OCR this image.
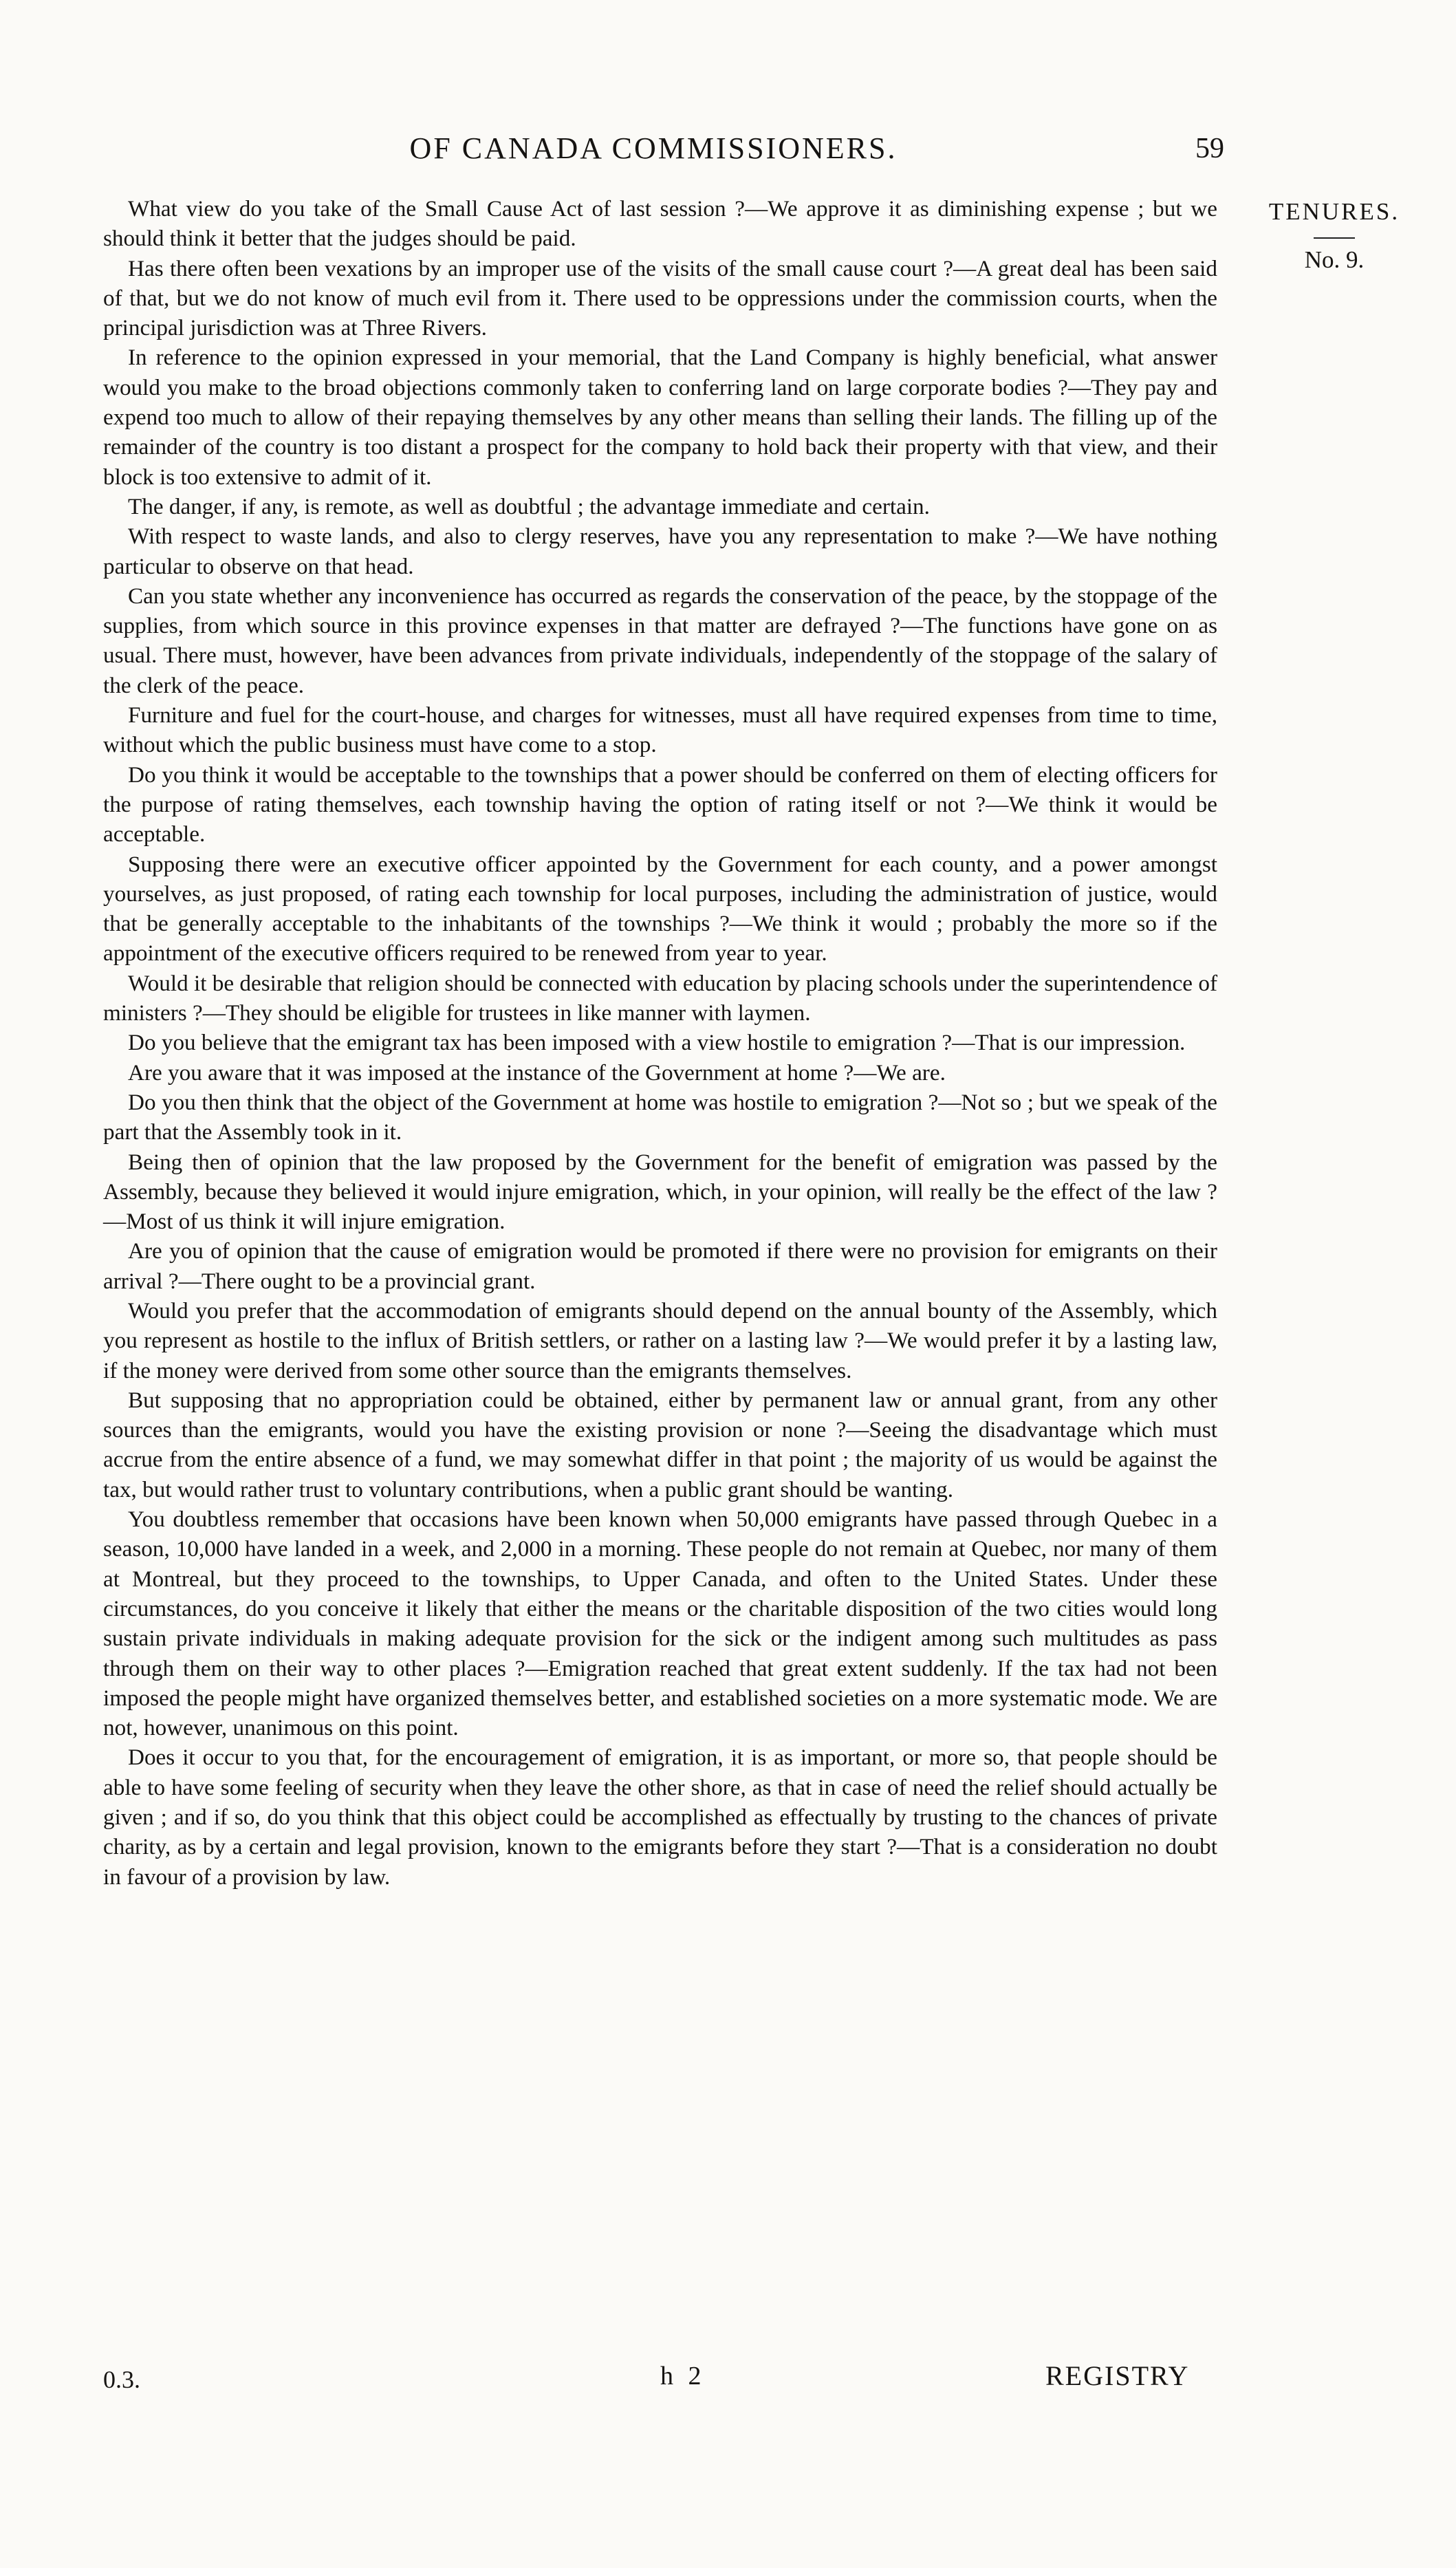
OF CANADA COMMISSIONERS.	59
TENURES.
No. 9.

What view do you take of the Small Cause Act of last session ?—We approve it as diminishing expense ; but we should think it better that the judges should be paid.

Has there often been vexations by an improper use of the visits of the small cause court ?—A great deal has been said of that, but we do not know of much evil from it. There used to be oppressions under the commission courts, when the principal jurisdiction was at Three Rivers.

In reference to the opinion expressed in your memorial, that the Land Company is highly beneficial, what answer would you make to the broad objections commonly taken to conferring land on large corporate bodies ?—They pay and expend too much to allow of their repaying themselves by any other means than selling their lands. The filling up of the remainder of the country is too distant a prospect for the company to hold back their property with that view, and their block is too extensive to admit of it.

The danger, if any, is remote, as well as doubtful ; the advantage immediate and certain.

With respect to waste lands, and also to clergy reserves, have you any representation to make ?—We have nothing particular to observe on that head.

Can you state whether any inconvenience has occurred as regards the conservation of the peace, by the stoppage of the supplies, from which source in this province expenses in that matter are defrayed ?—The functions have gone on as usual. There must, however, have been advances from private individuals, independently of the stoppage of the salary of the clerk of the peace.

Furniture and fuel for the court-house, and charges for witnesses, must all have required expenses from time to time, without which the public business must have come to a stop.

Do you think it would be acceptable to the townships that a power should be conferred on them of electing officers for the purpose of rating themselves, each township having the option of rating itself or not ?—We think it would be acceptable.

Supposing there were an executive officer appointed by the Government for each county, and a power amongst yourselves, as just proposed, of rating each township for local purposes, including the administration of justice, would that be generally acceptable to the inhabitants of the townships ?—We think it would ; probably the more so if the appointment of the executive officers required to be renewed from year to year.

Would it be desirable that religion should be connected with education by placing schools under the superintendence of ministers ?—They should be eligible for trustees in like manner with laymen.

Do you believe that the emigrant tax has been imposed with a view hostile to emigration ?—That is our impression.

Are you aware that it was imposed at the instance of the Government at home ?—We are.

Do you then think that the object of the Government at home was hostile to emigration ?—Not so ; but we speak of the part that the Assembly took in it.

Being then of opinion that the law proposed by the Government for the benefit of emigration was passed by the Assembly, because they believed it would injure emigration, which, in your opinion, will really be the effect of the law ?—Most of us think it will injure emigration.

Are you of opinion that the cause of emigration would be promoted if there were no provision for emigrants on their arrival ?—There ought to be a provincial grant.

Would you prefer that the accommodation of emigrants should depend on the annual bounty of the Assembly, which you represent as hostile to the influx of British settlers, or rather on a lasting law ?—We would prefer it by a lasting law, if the money were derived from some other source than the emigrants themselves.

But supposing that no appropriation could be obtained, either by permanent law or annual grant, from any other sources than the emigrants, would you have the existing provision or none ?—Seeing the disadvantage which must accrue from the entire absence of a fund, we may somewhat differ in that point ; the majority of us would be against the tax, but would rather trust to voluntary contributions, when a public grant should be wanting.

You doubtless remember that occasions have been known when 50,000 emigrants have passed through Quebec in a season, 10,000 have landed in a week, and 2,000 in a morning. These people do not remain at Quebec, nor many of them at Montreal, but they proceed to the townships, to Upper Canada, and often to the United States. Under these circumstances, do you conceive it likely that either the means or the charitable disposition of the two cities would long sustain private individuals in making adequate provision for the sick or the indigent among such multitudes as pass through them on their way to other places ?—Emigration reached that great extent suddenly. If the tax had not been imposed the people might have organized themselves better, and established societies on a more systematic mode. We are not, however, unanimous on this point.

Does it occur to you that, for the encouragement of emigration, it is as important, or more so, that people should be able to have some feeling of security when they leave the other shore, as that in case of need the relief should actually be given ; and if so, do you think that this object could be accomplished as effectually by trusting to the chances of private charity, as by a certain and legal provision, known to the emigrants before they start ?—That is a consideration no doubt in favour of a provision by law.

0.3.	h 2	REGISTRY
